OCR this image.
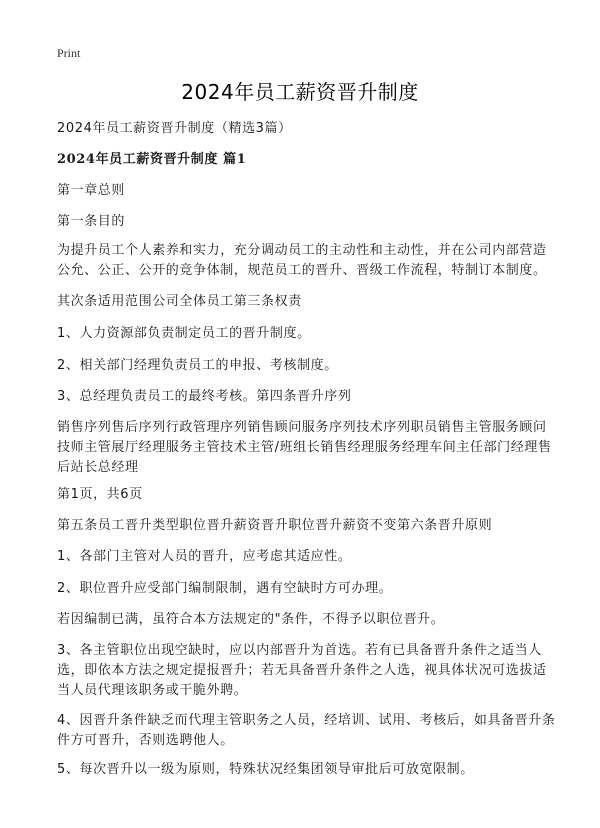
Print
2024年员工薪资晋升制度
2024年员工薪资晋升制度（精选3篇）
2024年员工薪资晋升制度 篇1
第一章总则
第一条目的
为提升员工个人素养和实力，充分调动员工的主动性和主动性，并在公司内部营造公允、公正、公开的竞争体制，规范员工的晋升、晋级工作流程，特制订本制度。
其次条适用范围公司全体员工第三条权责
1、人力资源部负责制定员工的晋升制度。
2、相关部门经理负责员工的申报、考核制度。
3、总经理负责员工的最终考核。第四条晋升序列
销售序列售后序列行政管理序列销售顾问服务序列技术序列职员销售主管服务顾问技师主管展厅经理服务主管技术主管/班组长销售经理服务经理车间主任部门经理售后站长总经理
第1页，共6页
第五条员工晋升类型职位晋升薪资晋升职位晋升薪资不变第六条晋升原则
1、各部门主管对人员的晋升，应考虑其适应性。
2、职位晋升应受部门编制限制，遇有空缺时方可办理。
若因编制已满，虽符合本方法规定的"条件，不得予以职位晋升。
3、各主管职位出现空缺时，应以内部晋升为首选。若有已具备晋升条件之适当人选，即依本方法之规定提报晋升；若无具备晋升条件之人选，视具体状况可选拔适当人员代理该职务或干脆外聘。
4、因晋升条件缺乏而代理主管职务之人员，经培训、试用、考核后，如具备晋升条件方可晋升，否则选聘他人。
5、每次晋升以一级为原则，特殊状况经集团领导审批后可放宽限制。
